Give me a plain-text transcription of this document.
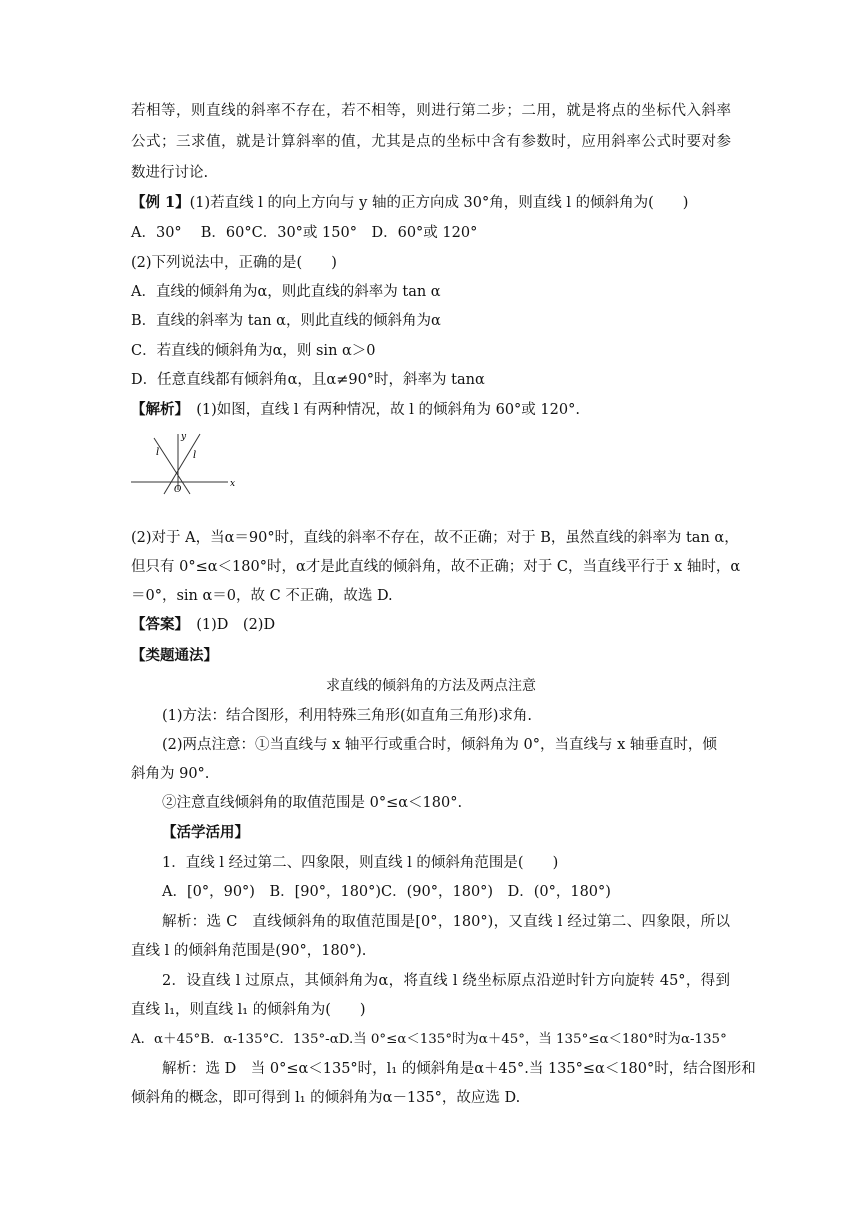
若相等，则直线的斜率不存在，若不相等，则进行第二步；二用，就是将点的坐标代入斜率
公式；三求值，就是计算斜率的值，尤其是点的坐标中含有参数时，应用斜率公式时要对参
数进行讨论.
【例 1】(1)若直线 l 的向上方向与 y 轴的正方向成 30°角，则直线 l 的倾斜角为(　　)
A．30°　 B．60°C．30°或 150°　D．60°或 120°
(2)下列说法中，正确的是(　　)
A．直线的倾斜角为α，则此直线的斜率为 tan α
B．直线的斜率为 tan α，则此直线的倾斜角为α
C．若直线的倾斜角为α，则 sin α＞0
D．任意直线都有倾斜角α，且α≠90°时，斜率为 tanα
【解析】　(1)如图，直线 l 有两种情况，故 l 的倾斜角为 60°或 120°.
y
x
O
l	l
(2)对于 A，当α＝90°时，直线的斜率不存在，故不正确；对于 B，虽然直线的斜率为 tan α，
但只有 0°≤α＜180°时，α才是此直线的倾斜角，故不正确；对于 C，当直线平行于 x 轴时，α
＝0°，sin α＝0，故 C 不正确，故选 D.
【答案】　(1)D　(2)D
【类题通法】
求直线的倾斜角的方法及两点注意
(1)方法：结合图形，利用特殊三角形(如直角三角形)求角.
(2)两点注意：①当直线与 x 轴平行或重合时，倾斜角为 0°，当直线与 x 轴垂直时，倾
斜角为 90°.
②注意直线倾斜角的取值范围是 0°≤α＜180°.
【活学活用】
1．直线 l 经过第二、四象限，则直线 l 的倾斜角范围是(　　)
A．[0°，90°)　B．[90°，180°)C．(90°，180°)　D．(0°，180°)
解析：选 C　直线倾斜角的取值范围是[0°，180°)，又直线 l 经过第二、四象限，所以
直线 l 的倾斜角范围是(90°，180°).
2．设直线 l 过原点，其倾斜角为α，将直线 l 绕坐标原点沿逆时针方向旋转 45°，得到
直线 l₁，则直线 l₁ 的倾斜角为(　　)
A．α＋45°B．α-135°C．135°-αD.当 0°≤α＜135°时为α＋45°，当 135°≤α＜180°时为α-135°
解析：选 D　当 0°≤α＜135°时，l₁ 的倾斜角是α＋45°.当 135°≤α＜180°时，结合图形和
倾斜角的概念，即可得到 l₁ 的倾斜角为α－135°，故应选 D.
